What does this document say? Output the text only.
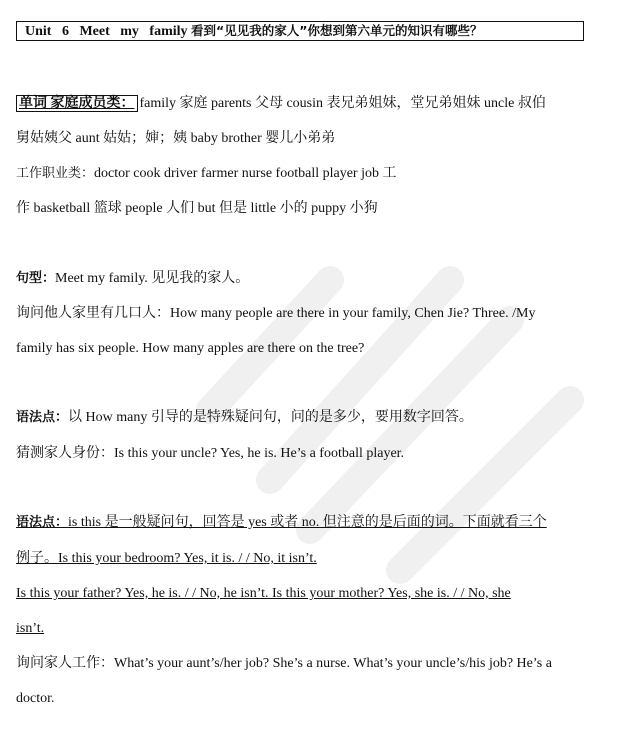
Unit 6 Meet my family 看到“见见我的家人”你想到第六单元的知识有哪些？
单词 家庭成员类： family 家庭 parents 父母 cousin 表兄弟姐妹，堂兄弟姐妹 uncle 叔伯
舅姑姨父 aunt 姑姑；婶；姨 baby brother 婴儿小弟弟
工作职业类：doctor cook driver farmer nurse football player job 工
作 basketball 篮球 people 人们 but 但是 little 小的 puppy 小狗
句型：Meet my family. 见见我的家人。
询问他人家里有几口人：How many people are there in your family, Chen Jie? Three. /My
family has six people. How many apples are there on the tree?
语法点：以 How many 引导的是特殊疑问句，问的是多少，要用数字回答。
猜测家人身份：Is this your uncle? Yes, he is. He’s a football player.
语法点：is this 是一般疑问句，回答是 yes 或者 no. 但注意的是后面的词。下面就看三个
例子。Is this your bedroom? Yes, it is. / / No, it isn’t.
Is this your father? Yes, he is. / / No, he isn’t. Is this your mother? Yes, she is. / / No, she
isn’t.
询问家人工作：What’s your aunt’s/her job? She’s a nurse. What’s your uncle’s/his job? He’s a
doctor.
